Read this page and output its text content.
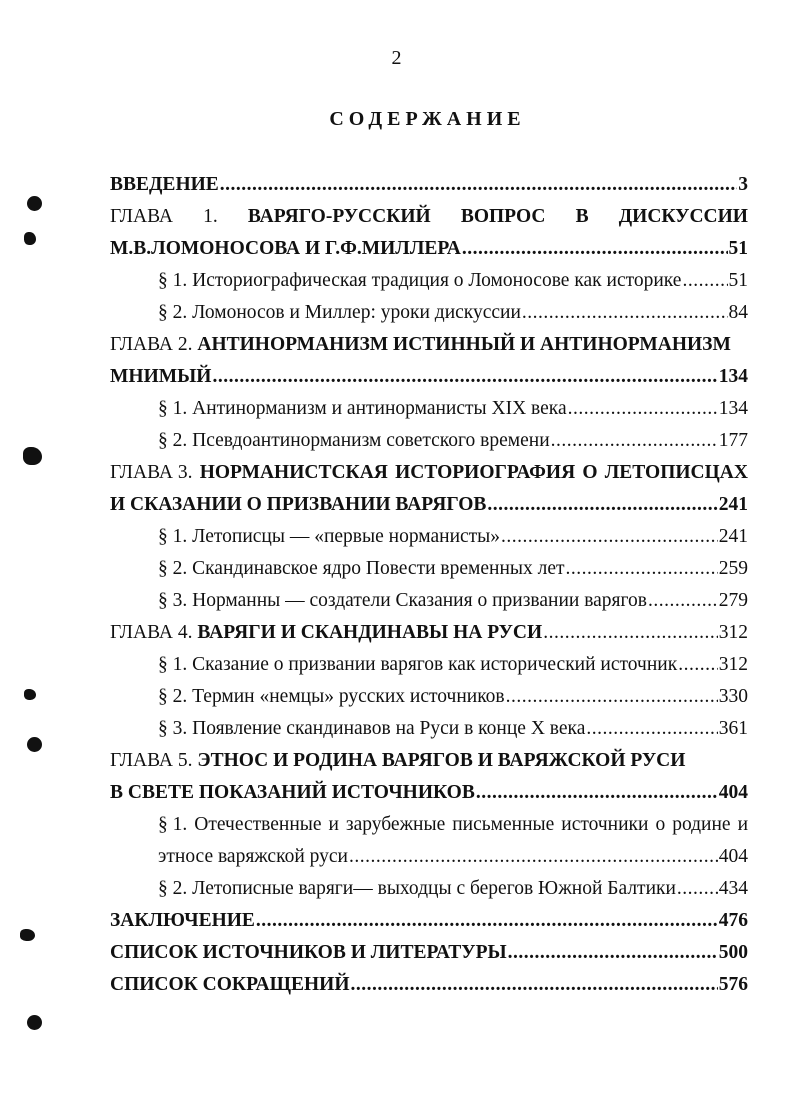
2
СОДЕРЖАНИЕ
ВВЕДЕНИЕ .....	3
ГЛАВА 1. ВАРЯГО-РУССКИЙ ВОПРОС В ДИСКУССИИ
М.В.ЛОМОНОСОВА И Г.Ф.МИЛЛЕРА .....	51
§ 1. Историографическая традиция о Ломоносове как историке ..... 51
§ 2. Ломоносов и Миллер: уроки дискуссии .....	84
ГЛАВА 2.
АНТИНОРМАНИЗМ ИСТИННЫЙ И АНТИНОРМАНИЗМ
МНИМЫЙ .....	134
§ 1. Антинорманизм и антинорманисты XIX века .....	134
§ 2. Псевдоантинорманизм советского времени .....	177
ГЛАВА 3. НОРМАНИСТСКАЯ ИСТОРИОГРАФИЯ О ЛЕТОПИСЦАХ
И СКАЗАНИИ О ПРИЗВАНИИ ВАРЯГОВ .....	241
§ 1. Летописцы — «первые норманисты» .....	241
§ 2. Скандинавское ядро Повести временных лет .....	259
§ 3. Норманны — создатели Сказания о призвании варягов .....	279
ГЛАВА 4.
ВАРЯГИ И СКАНДИНАВЫ НА РУСИ .....	312
§ 1. Сказание о призвании варягов как исторический источник ..... 312
§ 2. Термин «немцы» русских источников .....	330
§ 3. Появление скандинавов на Руси в конце X века .....	361
ГЛАВА 5.
ЭТНОС И РОДИНА ВАРЯГОВ И ВАРЯЖСКОЙ РУСИ
В СВЕТЕ ПОКАЗАНИЙ ИСТОЧНИКОВ .....	404
§ 1. Отечественные и зарубежные письменные источники о родине и
этносе варяжской руси .....	404
§ 2. Летописные варяги— выходцы с берегов Южной Балтики ..... 434
ЗАКЛЮЧЕНИЕ .....	476
СПИСОК ИСТОЧНИКОВ И ЛИТЕРАТУРЫ .....	500
СПИСОК СОКРАЩЕНИЙ .....	576
